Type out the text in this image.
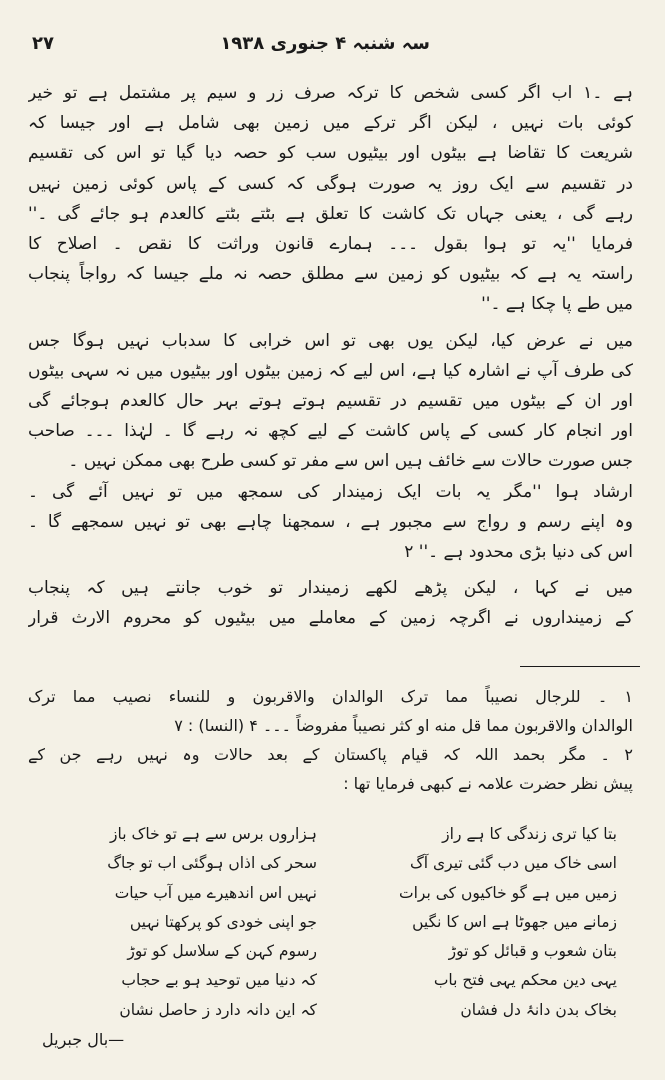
۲۷	سہ شنبہ ۴ جنوری ۱۹۳۸
ہے ۔۱ اب اگر کسی شخص کا ترکہ صرف زر و سیم پر مشتمل ہے تو خیر
کوئی بات نہیں ، لیکن اگر ترکے میں زمین بھی شامل ہے اور جیسا کہ
شریعت کا تقاضا ہے بیٹوں اور بیٹیوں سب کو حصہ دیا گیا تو اس کی تقسیم
در تقسیم سے ایک روز یہ صورت ہوگی کہ کسی کے پاس کوئی زمین نہیں
رہے گی ، یعنی جہاں تک کاشت کا تعلق ہے بٹتے بٹتے کالعدم ہو جائے گی ۔''
فرمایا ''یہ تو ہوا بقول ۔۔۔ ہمارے قانون وراثت کا نقص ۔ اصلاح کا
راستہ یہ ہے کہ بیٹیوں کو زمین سے مطلق حصہ نہ ملے جیسا کہ رواجاً پنجاب
میں طے پا چکا ہے ۔''
میں نے عرض کیا، لیکن یوں بھی تو اس خرابی کا سدباب نہیں ہوگا جس
کی طرف آپ نے اشارہ کیا ہے، اس لیے کہ زمین بیٹوں اور بیٹیوں میں نہ سہی بیٹوں
اور ان کے بیٹوں میں تقسیم در تقسیم ہوتے ہوتے بہر حال کالعدم ہوجائے گی
اور انجام کار کسی کے پاس کاشت کے لیے کچھ نہ رہے گا ۔ لہٰذا ۔۔۔ صاحب
جس صورت حالات سے خائف ہیں اس سے مفر تو کسی طرح بھی ممکن نہیں ۔
ارشاد ہوا ''مگر یہ بات ایک زمیندار کی سمجھ میں تو نہیں آئے گی ۔
وہ اپنے رسم و رواج سے مجبور ہے ، سمجھنا چاہے بھی تو نہیں سمجھے گا ۔
اس کی دنیا بڑی محدود ہے ۔'' ۲
میں نے کہا ، لیکن پڑھے لکھے زمیندار تو خوب جانتے ہیں کہ پنجاب
کے زمینداروں نے اگرچہ زمین کے معاملے میں بیٹیوں کو محروم الارث قرار
۱ ۔ للرجال نصیباً مما ترک الوالدان والاقربون و للنساء نصیب مما ترک
الوالدان والاقربون مما قل منه او کثر نصیباً مفروضاً ۔۔۔ ۴ (النسا) : ۷
۲ ۔ مگر بحمد اللہ کہ قیام پاکستان کے بعد حالات وہ نہیں رہے جن کے
پیش نظر حضرت علامہ نے کبھی فرمایا تھا :
بتا کیا تری زندگی کا ہے راز
ہزاروں برس سے ہے تو خاک باز
اسی خاک میں دب گئی تیری آگ
سحر کی اذاں ہوگئی اب تو جاگ
زمیں میں ہے گو خاکیوں کی برات
نہیں اس اندھیرے میں آب حیات
زمانے میں جھوٹا ہے اس کا نگیں
جو اپنی خودی کو پرکھتا نہیں
بتان شعوب و قبائل کو توڑ
رسوم کہن کے سلاسل کو توڑ
یہی دین محکم یہی فتح باب
کہ دنیا میں توحید ہو بے حجاب
بخاک بدن دانۂ دل فشان
کہ این دانہ دارد ز حاصل نشان
—بال جبریل
